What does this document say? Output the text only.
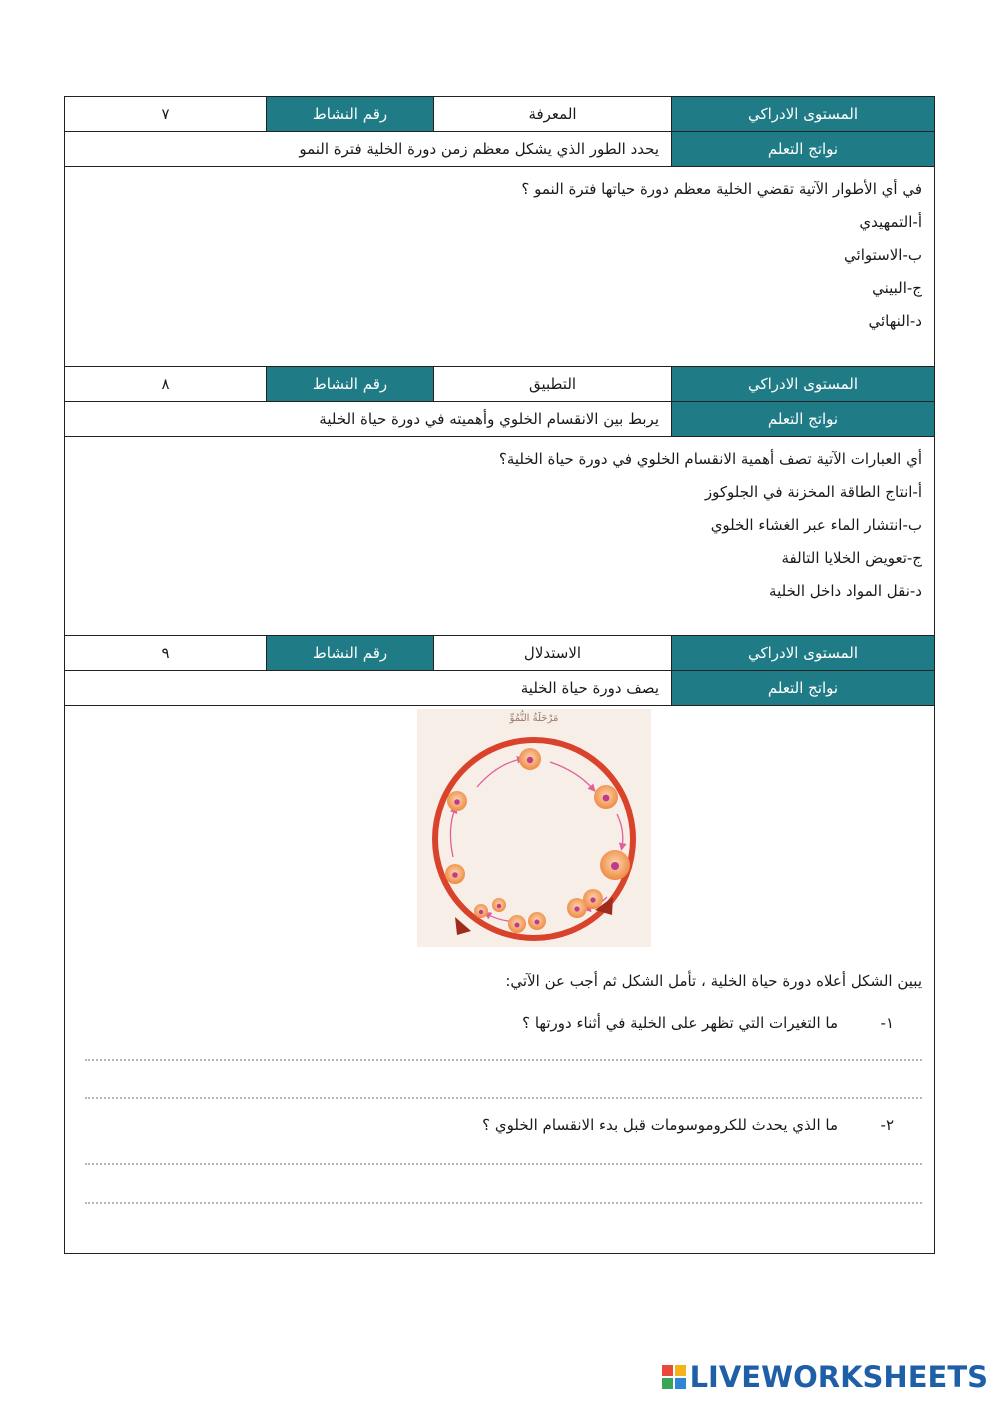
المستوى الادراكي
المعرفة
رقم النشاط
٧
نواتج التعلم
يحدد الطور الذي يشكل معظم زمن دورة الخلية فترة النمو

في أي الأطوار الآتية تقضي الخلية معظم دورة حياتها فترة النمو ؟

أ-التمهيدي

ب-الاستوائي

ج-البيني

د-النهائي

المستوى الادراكي
التطبيق
رقم النشاط
٨
نواتج التعلم
يربط بين الانقسام الخلوي وأهميته في دورة حياة الخلية

أي العبارات الآتية تصف أهمية الانقسام الخلوي في دورة حياة الخلية؟

أ-انتاج الطاقة المخزنة في الجلوكوز

ب-انتشار الماء عبر الغشاء الخلوي

ج-تعويض الخلايا التالفة

د-نقل المواد داخل الخلية

المستوى الادراكي
الاستدلال
رقم النشاط
٩
نواتج التعلم
يصف دورة حياة الخلية
مَرْحَلَةُ النُّمُوِّ
يبين الشكل أعلاه دورة حياة الخلية ، تأمل الشكل ثم أجب عن الآتي:
١-
ما التغيرات التي تظهر على الخلية في أثناء دورتها ؟
٢-
ما الذي يحدث للكروموسومات قبل بدء الانقسام الخلوي ؟
LIVEWORKSHEETS
